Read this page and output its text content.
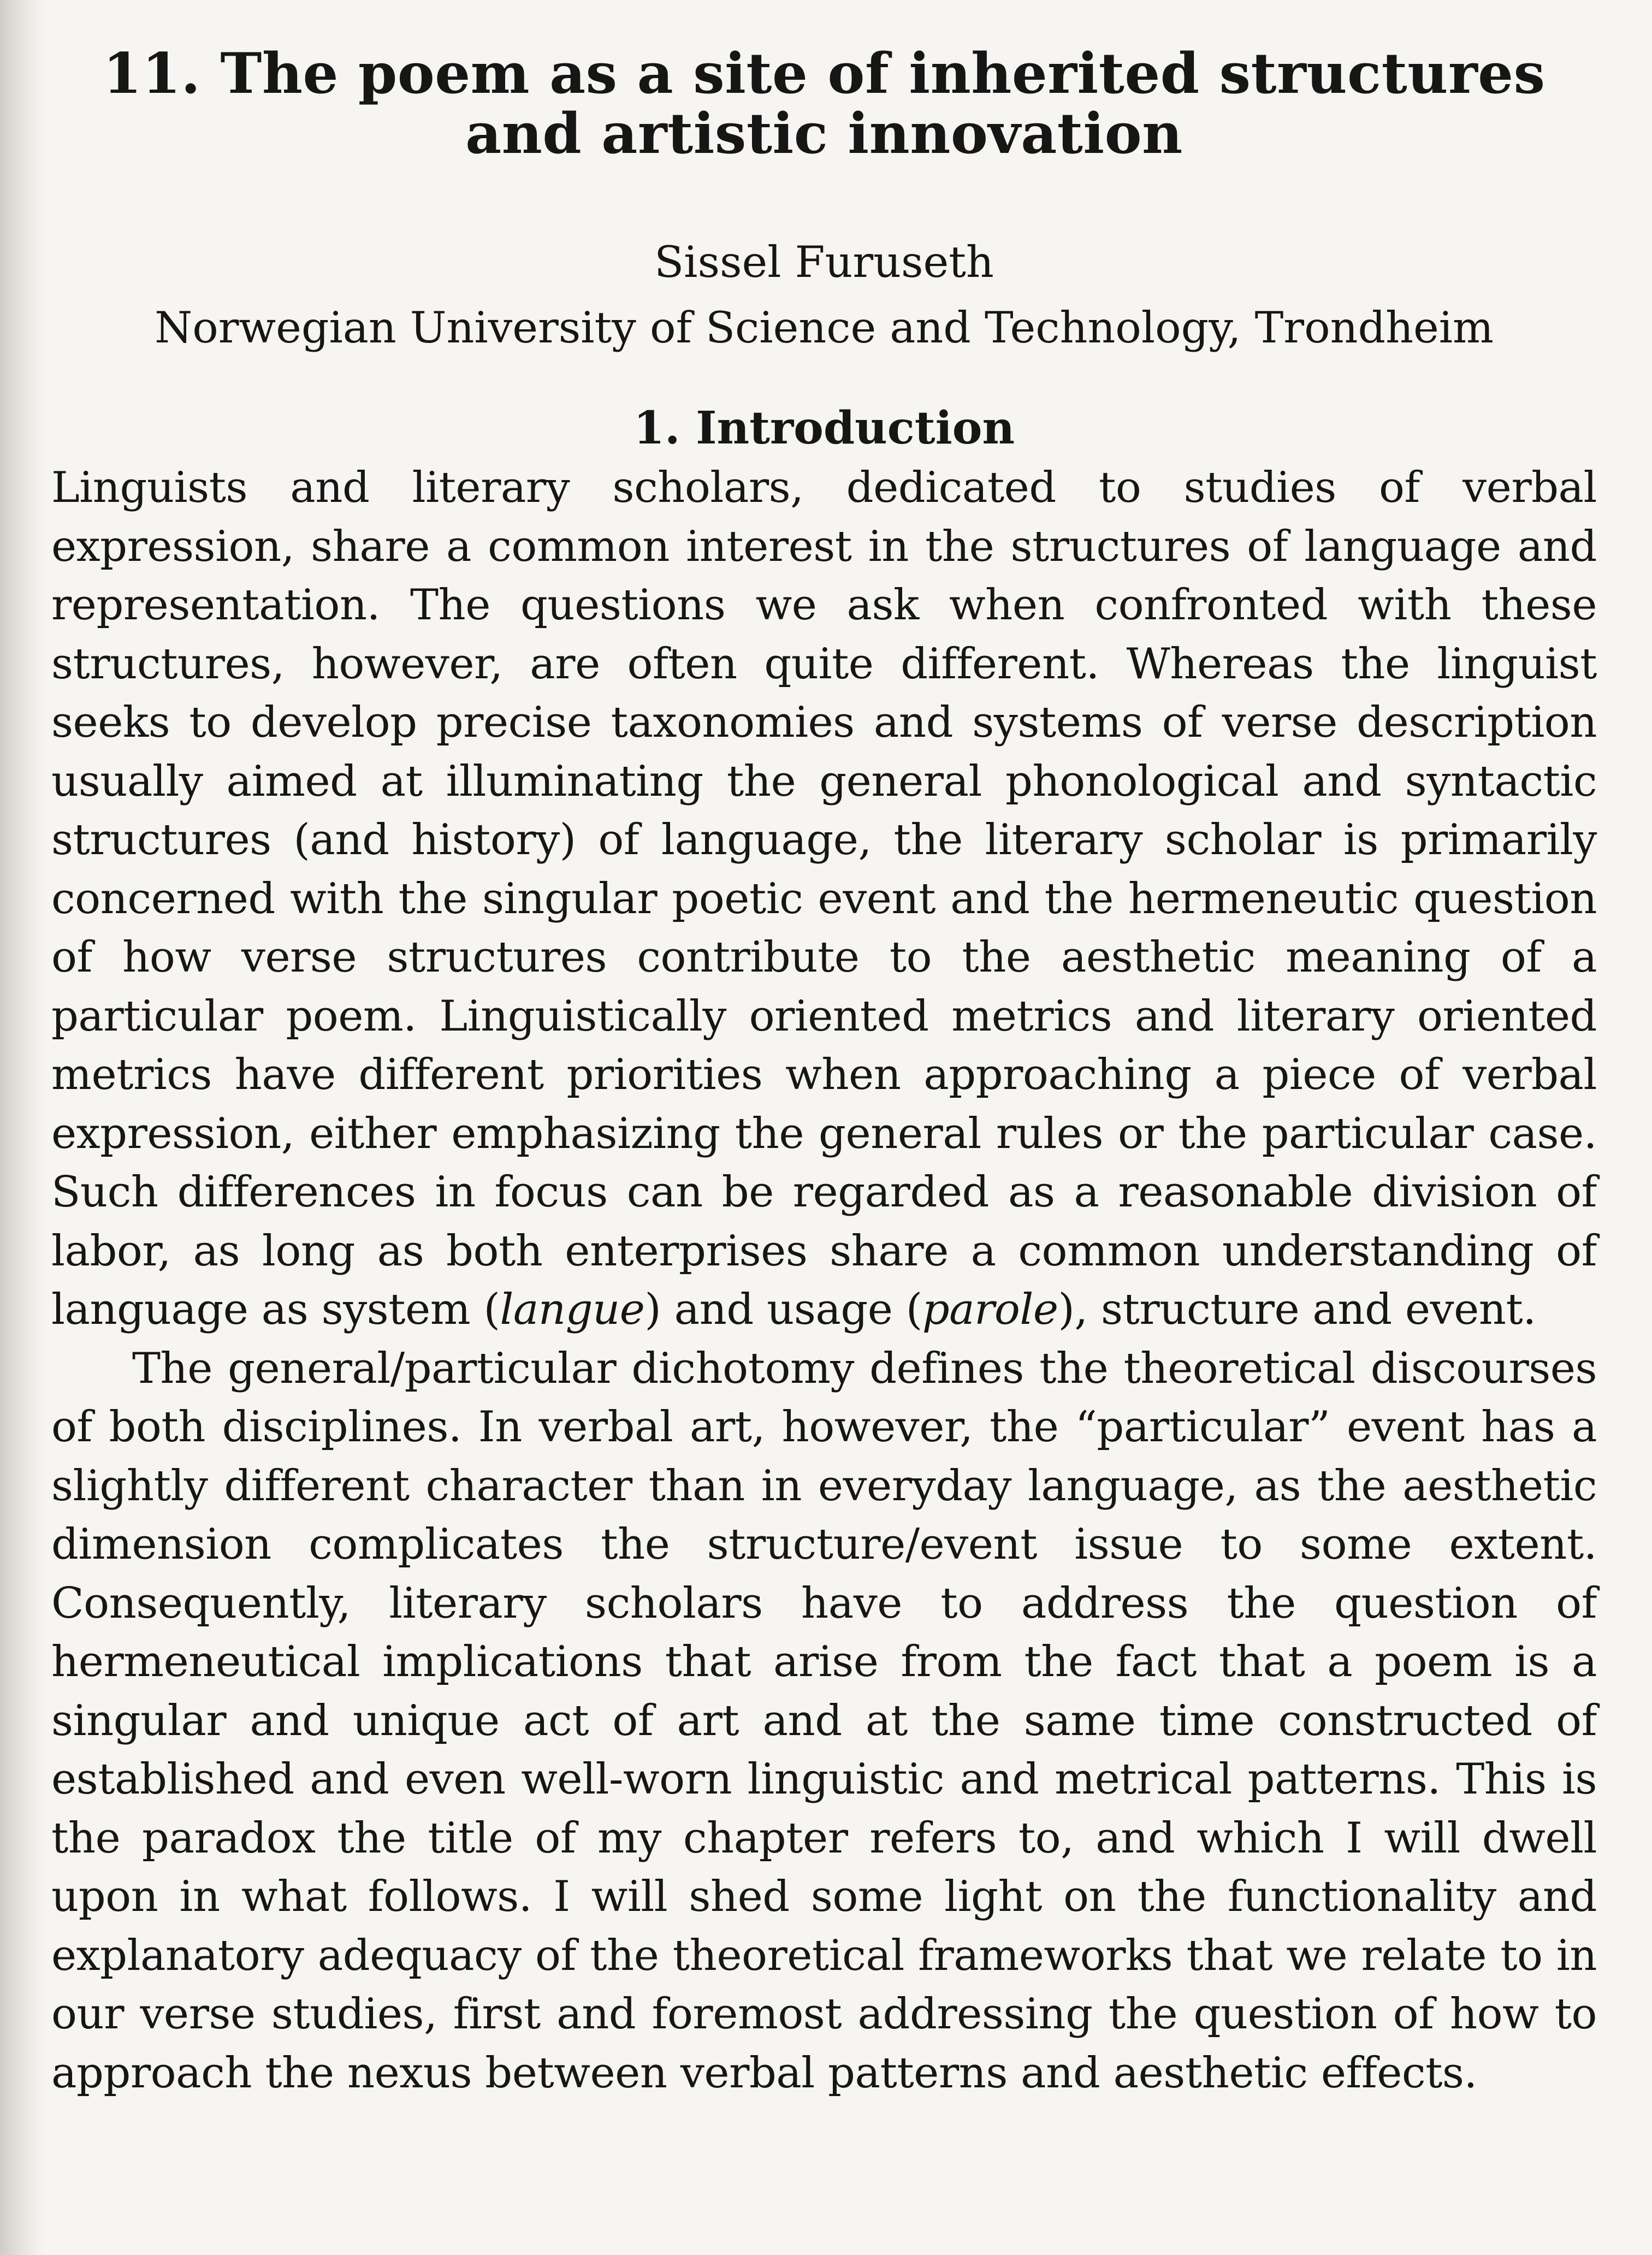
11. The poem as a site of inherited structures and artistic innovation
Sissel Furuseth
Norwegian University of Science and Technology, Trondheim
1. Introduction

Linguists and literary scholars, dedicated to studies of verbal expression, share a common interest in the structures of language and representation. The questions we ask when confronted with these structures, however, are often quite different. Whereas the linguist seeks to develop precise taxonomies and systems of verse description usually aimed at illuminating the general phonological and syntactic structures (and history) of language, the literary scholar is primarily concerned with the singular poetic event and the hermeneutic question of how verse structures contribute to the aesthetic meaning of a particular poem. Linguistically oriented metrics and literary oriented metrics have different priorities when approaching a piece of verbal expression, either emphasizing the general rules or the particular case. Such differences in focus can be regarded as a reasonable division of labor, as long as both enterprises share a common understanding of language as system (langue) and usage (parole), structure and event.

The general/particular dichotomy defines the theoretical discourses of both disciplines. In verbal art, however, the “particular” event has a slightly different character than in everyday language, as the aesthetic dimension complicates the structure/event issue to some extent. Consequently, literary scholars have to address the question of hermeneutical implications that arise from the fact that a poem is a singular and unique act of art and at the same time constructed of established and even well-worn linguistic and metrical patterns. This is the paradox the title of my chapter refers to, and which I will dwell upon in what follows. I will shed some light on the functionality and explanatory adequacy of the theoretical frameworks that we relate to in our verse studies, first and foremost addressing the question of how to approach the nexus between verbal patterns and aesthetic effects.
